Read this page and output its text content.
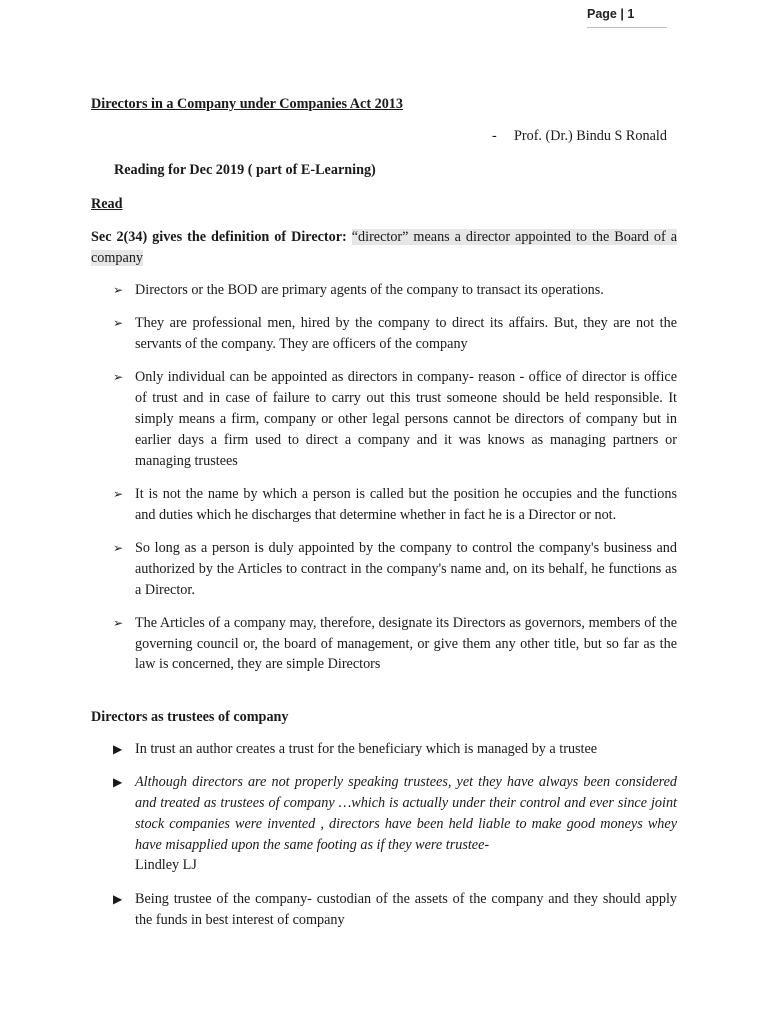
Page | 1
Directors in a Company under Companies Act 2013
- Prof. (Dr.) Bindu S Ronald
Reading for Dec 2019 ( part of E-Learning)
Read
Sec 2(34) gives the definition of Director: “director” means a director appointed to the Board of a company
➢ Directors or the BOD are primary agents of the company to transact its operations.
➢ They are professional men, hired by the company to direct its affairs. But, they are not the servants of the company. They are officers of the company
➢ Only individual can be appointed as directors in company- reason - office of director is office of trust and in case of failure to carry out this trust someone should be held responsible. It simply means a firm, company or other legal persons cannot be directors of company but in earlier days a firm used to direct a company and it was knows as managing partners or managing trustees
➢ It is not the name by which a person is called but the position he occupies and the functions and duties which he discharges that determine whether in fact he is a Director or not.
➢ So long as a person is duly appointed by the company to control the company's business and authorized by the Articles to contract in the company's name and, on its behalf, he functions as a Director.
➢ The Articles of a company may, therefore, designate its Directors as governors, members of the governing council or, the board of management, or give them any other title, but so far as the law is concerned, they are simple Directors
Directors as trustees of company
▶ In trust an author creates a trust for the beneficiary which is managed by a trustee
▶ Although directors are not properly speaking trustees, yet they have always been considered and treated as trustees of company …which is actually under their control and ever since joint stock companies were invented , directors have been held liable to make good moneys whey have misapplied upon the same footing as if they were trustee-
Lindley LJ
▶ Being trustee of the company- custodian of the assets of the company and they should apply the funds in best interest of company
